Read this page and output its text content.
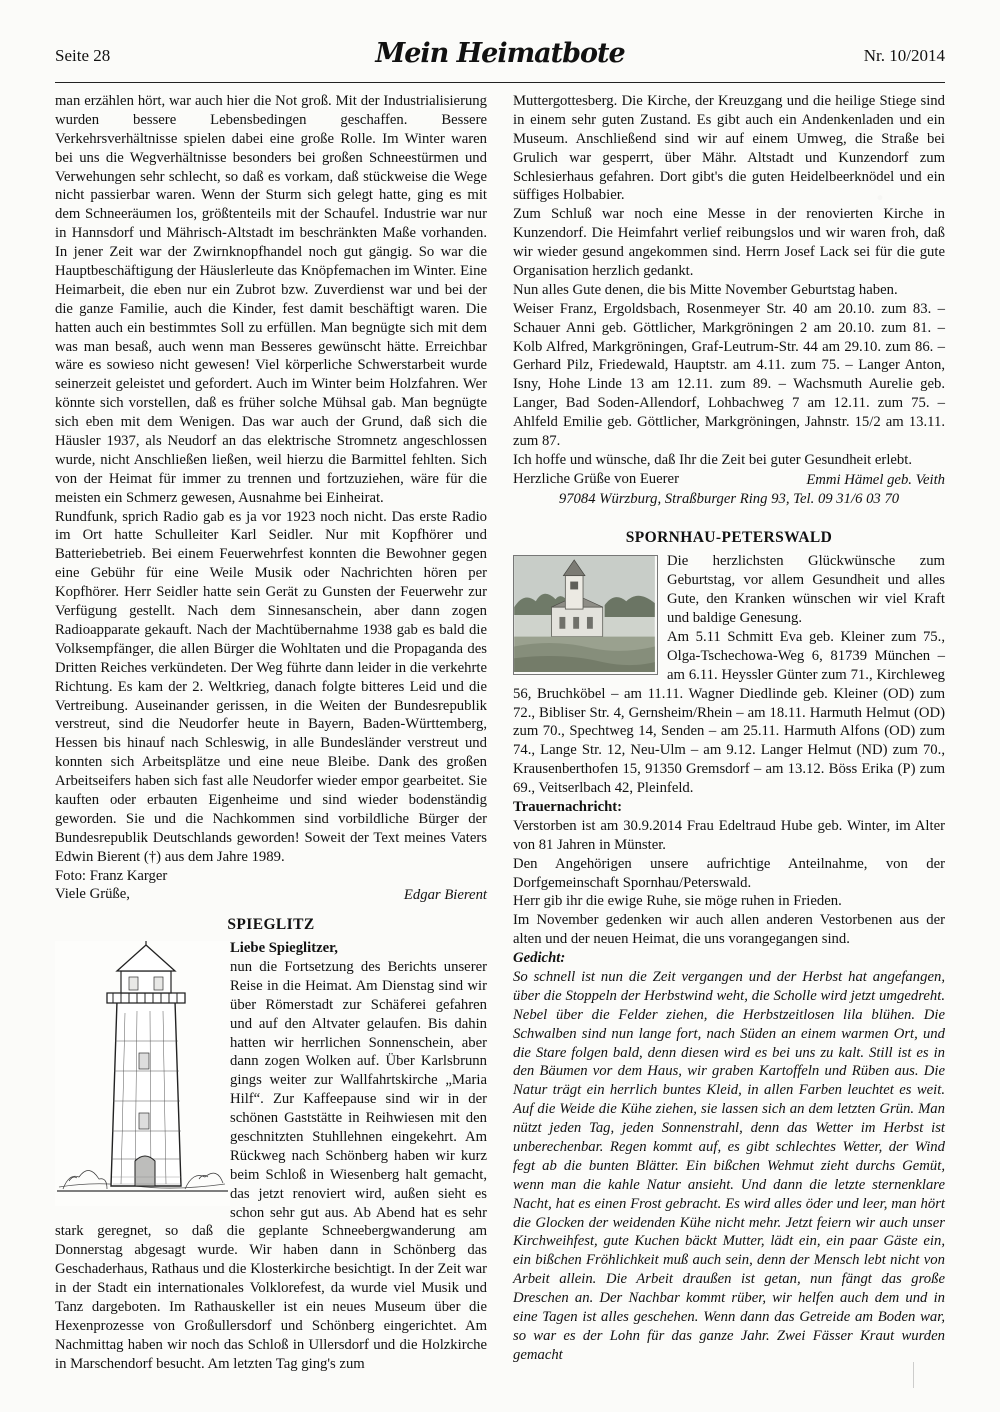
Seite 28	Mein Heimatbote	Nr. 10/2014

man erzählen hört, war auch hier die Not groß. Mit der Industrialisierung wurden bessere Lebensbedingen geschaffen. Bessere Verkehrsverhältnisse spielen dabei eine große Rolle. Im Winter waren bei uns die Wegverhältnisse besonders bei großen Schneestürmen und Verwehungen sehr schlecht, so daß es vorkam, daß stückweise die Wege nicht passierbar waren. Wenn der Sturm sich gelegt hatte, ging es mit dem Schneeräumen los, größtenteils mit der Schaufel. Industrie war nur in Hannsdorf und Mährisch-Altstadt im beschränkten Maße vorhanden. In jener Zeit war der Zwirnknopfhandel noch gut gängig. So war die Hauptbeschäftigung der Häuslerleute das Knöpfemachen im Winter. Eine Heimarbeit, die eben nur ein Zubrot bzw. Zuverdienst war und bei der die ganze Familie, auch die Kinder, fest damit beschäftigt waren. Die hatten auch ein bestimmtes Soll zu erfüllen. Man begnügte sich mit dem was man besaß, auch wenn man Besseres gewünscht hätte. Erreichbar wäre es sowieso nicht gewesen! Viel körperliche Schwerstarbeit wurde seinerzeit geleistet und gefordert. Auch im Winter beim Holzfahren. Wer könnte sich vorstellen, daß es früher solche Mühsal gab. Man begnügte sich eben mit dem Wenigen. Das war auch der Grund, daß sich die Häusler 1937, als Neudorf an das elektrische Stromnetz angeschlossen wurde, nicht Anschließen ließen, weil hierzu die Barmittel fehlten. Sich von der Heimat für immer zu trennen und fortzuziehen, wäre für die meisten ein Schmerz gewesen, Ausnahme bei Einheirat.

Rundfunk, sprich Radio gab es ja vor 1923 noch nicht. Das erste Radio im Ort hatte Schulleiter Karl Seidler. Nur mit Kopfhörer und Batteriebetrieb. Bei einem Feuerwehrfest konnten die Bewohner gegen eine Gebühr für eine Weile Musik oder Nachrichten hören per Kopfhörer. Herr Seidler hatte sein Gerät zu Gunsten der Feuerwehr zur Verfügung gestellt. Nach dem Sinnesanschein, aber dann zogen Radioapparate gekauft. Nach der Machtübernahme 1938 gab es bald die Volksempfänger, die allen Bürger die Wohltaten und die Propaganda des Dritten Reiches verkündeten. Der Weg führte dann leider in die verkehrte Richtung. Es kam der 2. Weltkrieg, danach folgte bitteres Leid und die Vertreibung. Auseinander gerissen, in die Weiten der Bundesrepublik verstreut, sind die Neudorfer heute in Bayern, Baden-Württemberg, Hessen bis hinauf nach Schleswig, in alle Bundesländer verstreut und konnten sich Arbeitsplätze und eine neue Bleibe. Dank des großen Arbeitseifers haben sich fast alle Neudorfer wieder empor gearbeitet. Sie kauften oder erbauten Eigenheime und sind wieder bodenständig geworden. Sie und die Nachkommen sind vorbildliche Bürger der Bundesrepublik Deutschlands geworden! Soweit der Text meines Vaters Edwin Bierent (†) aus dem Jahre 1989.

Foto: Franz Karger

Viele Grüße,	Edgar Bierent

SPIEGLITZ

Liebe Spieglitzer,

nun die Fortsetzung des Berichts unserer Reise in die Heimat. Am Dienstag sind wir über Römerstadt zur Schäferei gefahren und auf den Altvater gelaufen. Bis dahin hatten wir herrlichen Sonnenschein, aber dann zogen Wolken auf. Über Karlsbrunn gings weiter zur Wallfahrtskirche „Maria Hilf“. Zur Kaffeepause sind wir in der schönen Gaststätte in Reihwiesen mit den geschnitzten Stuhllehnen eingekehrt. Am Rückweg nach Schönberg haben wir kurz beim Schloß in Wiesenberg halt gemacht, das jetzt renoviert wird, außen sieht es schon sehr gut aus. Ab Abend hat es sehr stark geregnet, so daß die geplante Schneebergwanderung am Donnerstag abgesagt wurde. Wir haben dann in Schönberg das Geschaderhaus, Rathaus und die Klosterkirche besichtigt. In der Zeit war in der Stadt ein internationales Volklorefest, da wurde viel Musik und Tanz dargeboten. Im Rathauskeller ist ein neues Museum über die Hexenprozesse von Großullersdorf und Schönberg eingerichtet. Am Nachmittag haben wir noch das Schloß in Ullersdorf und die Holzkirche in Marschendorf besucht. Am letzten Tag ging's zum

Muttergottesberg. Die Kirche, der Kreuzgang und die heilige Stiege sind in einem sehr guten Zustand. Es gibt auch ein Andenkenladen und ein Museum. Anschließend sind wir auf einem Umweg, die Straße bei Grulich war gesperrt, über Mähr. Altstadt und Kunzendorf zum Schlesierhaus gefahren. Dort gibt's die guten Heidelbeerknödel und ein süffiges Holbabier.

Zum Schluß war noch eine Messe in der renovierten Kirche in Kunzendorf. Die Heimfahrt verlief reibungslos und wir waren froh, daß wir wieder gesund angekommen sind. Herrn Josef Lack sei für die gute Organisation herzlich gedankt.

Nun alles Gute denen, die bis Mitte November Geburtstag haben.

Weiser Franz, Ergoldsbach, Rosenmeyer Str. 40 am 20.10. zum 83. – Schauer Anni geb. Göttlicher, Markgröningen 2 am 20.10. zum 81. – Kolb Alfred, Markgröningen, Graf-Leutrum-Str. 44 am 29.10. zum 86. – Gerhard Pilz, Friedewald, Hauptstr. am 4.11. zum 75. – Langer Anton, Isny, Hohe Linde 13 am 12.11. zum 89. – Wachsmuth Aurelie geb. Langer, Bad Soden-Allendorf, Lohbachweg 7 am 12.11. zum 75. – Ahlfeld Emilie geb. Göttlicher, Markgröningen, Jahnstr. 15/2 am 13.11. zum 87.

Ich hoffe und wünsche, daß Ihr die Zeit bei guter Gesundheit erlebt.

Herzliche Grüße von Euerer	Emmi Hämel geb. Veith

97084 Würzburg, Straßburger Ring 93, Tel. 09 31/6 03 70

SPORNHAU-PETERSWALD

Die herzlichsten Glückwünsche zum Geburtstag, vor allem Gesundheit und alles Gute, den Kranken wünschen wir viel Kraft und baldige Genesung.

Am 5.11 Schmitt Eva geb. Kleiner zum 75., Olga-Tschechowa-Weg 6, 81739 München – am 6.11. Heyssler Günter zum 71., Kirchleweg 56, Bruchköbel – am 11.11. Wagner Diedlinde geb. Kleiner (OD) zum 72., Bibliser Str. 4, Gernsheim/Rhein – am 18.11. Harmuth Helmut (OD) zum 70., Spechtweg 14, Senden – am 25.11. Harmuth Alfons (OD) zum 74., Lange Str. 12, Neu-Ulm – am 9.12. Langer Helmut (ND) zum 70., Krausenberthofen 15, 91350 Gremsdorf – am 13.12. Böss Erika (P) zum 69., Veitserlbach 42, Pleinfeld.

Trauernachricht:

Verstorben ist am 30.9.2014 Frau Edeltraud Hube geb. Winter, im Alter von 81 Jahren in Münster.

Den Angehörigen unsere aufrichtige Anteilnahme, von der Dorfgemeinschaft Spornhau/Peterswald.

Herr gib ihr die ewige Ruhe, sie möge ruhen in Frieden.

Im November gedenken wir auch allen anderen Vestorbenen aus der alten und der neuen Heimat, die uns vorangegangen sind.

Gedicht:

So schnell ist nun die Zeit vergangen und der Herbst hat angefangen, über die Stoppeln der Herbstwind weht, die Scholle wird jetzt umgedreht. Nebel über die Felder ziehen, die Herbstzeitlosen lila blühen. Die Schwalben sind nun lange fort, nach Süden an einem warmen Ort, und die Stare folgen bald, denn diesen wird es bei uns zu kalt. Still ist es in den Bäumen vor dem Haus, wir graben Kartoffeln und Rüben aus. Die Natur trägt ein herrlich buntes Kleid, in allen Farben leuchtet es weit. Auf die Weide die Kühe ziehen, sie lassen sich an dem letzten Grün. Man nützt jeden Tag, jeden Sonnenstrahl, denn das Wetter im Herbst ist unberechenbar. Regen kommt auf, es gibt schlechtes Wetter, der Wind fegt ab die bunten Blätter. Ein bißchen Wehmut zieht durchs Gemüt, wenn man die kahle Natur ansieht. Und dann die letzte sternenklare Nacht, hat es einen Frost gebracht. Es wird alles öder und leer, man hört die Glocken der weidenden Kühe nicht mehr. Jetzt feiern wir auch unser Kirchweihfest, gute Kuchen bäckt Mutter, lädt ein, ein paar Gäste ein, ein bißchen Fröhlichkeit muß auch sein, denn der Mensch lebt nicht von Arbeit allein. Die Arbeit draußen ist getan, nun fängt das große Dreschen an. Der Nachbar kommt rüber, wir helfen auch dem und in eine Tagen ist alles geschehen. Wenn dann das Getreide am Boden war, so war es der Lohn für das ganze Jahr. Zwei Fässer Kraut wurden gemacht
